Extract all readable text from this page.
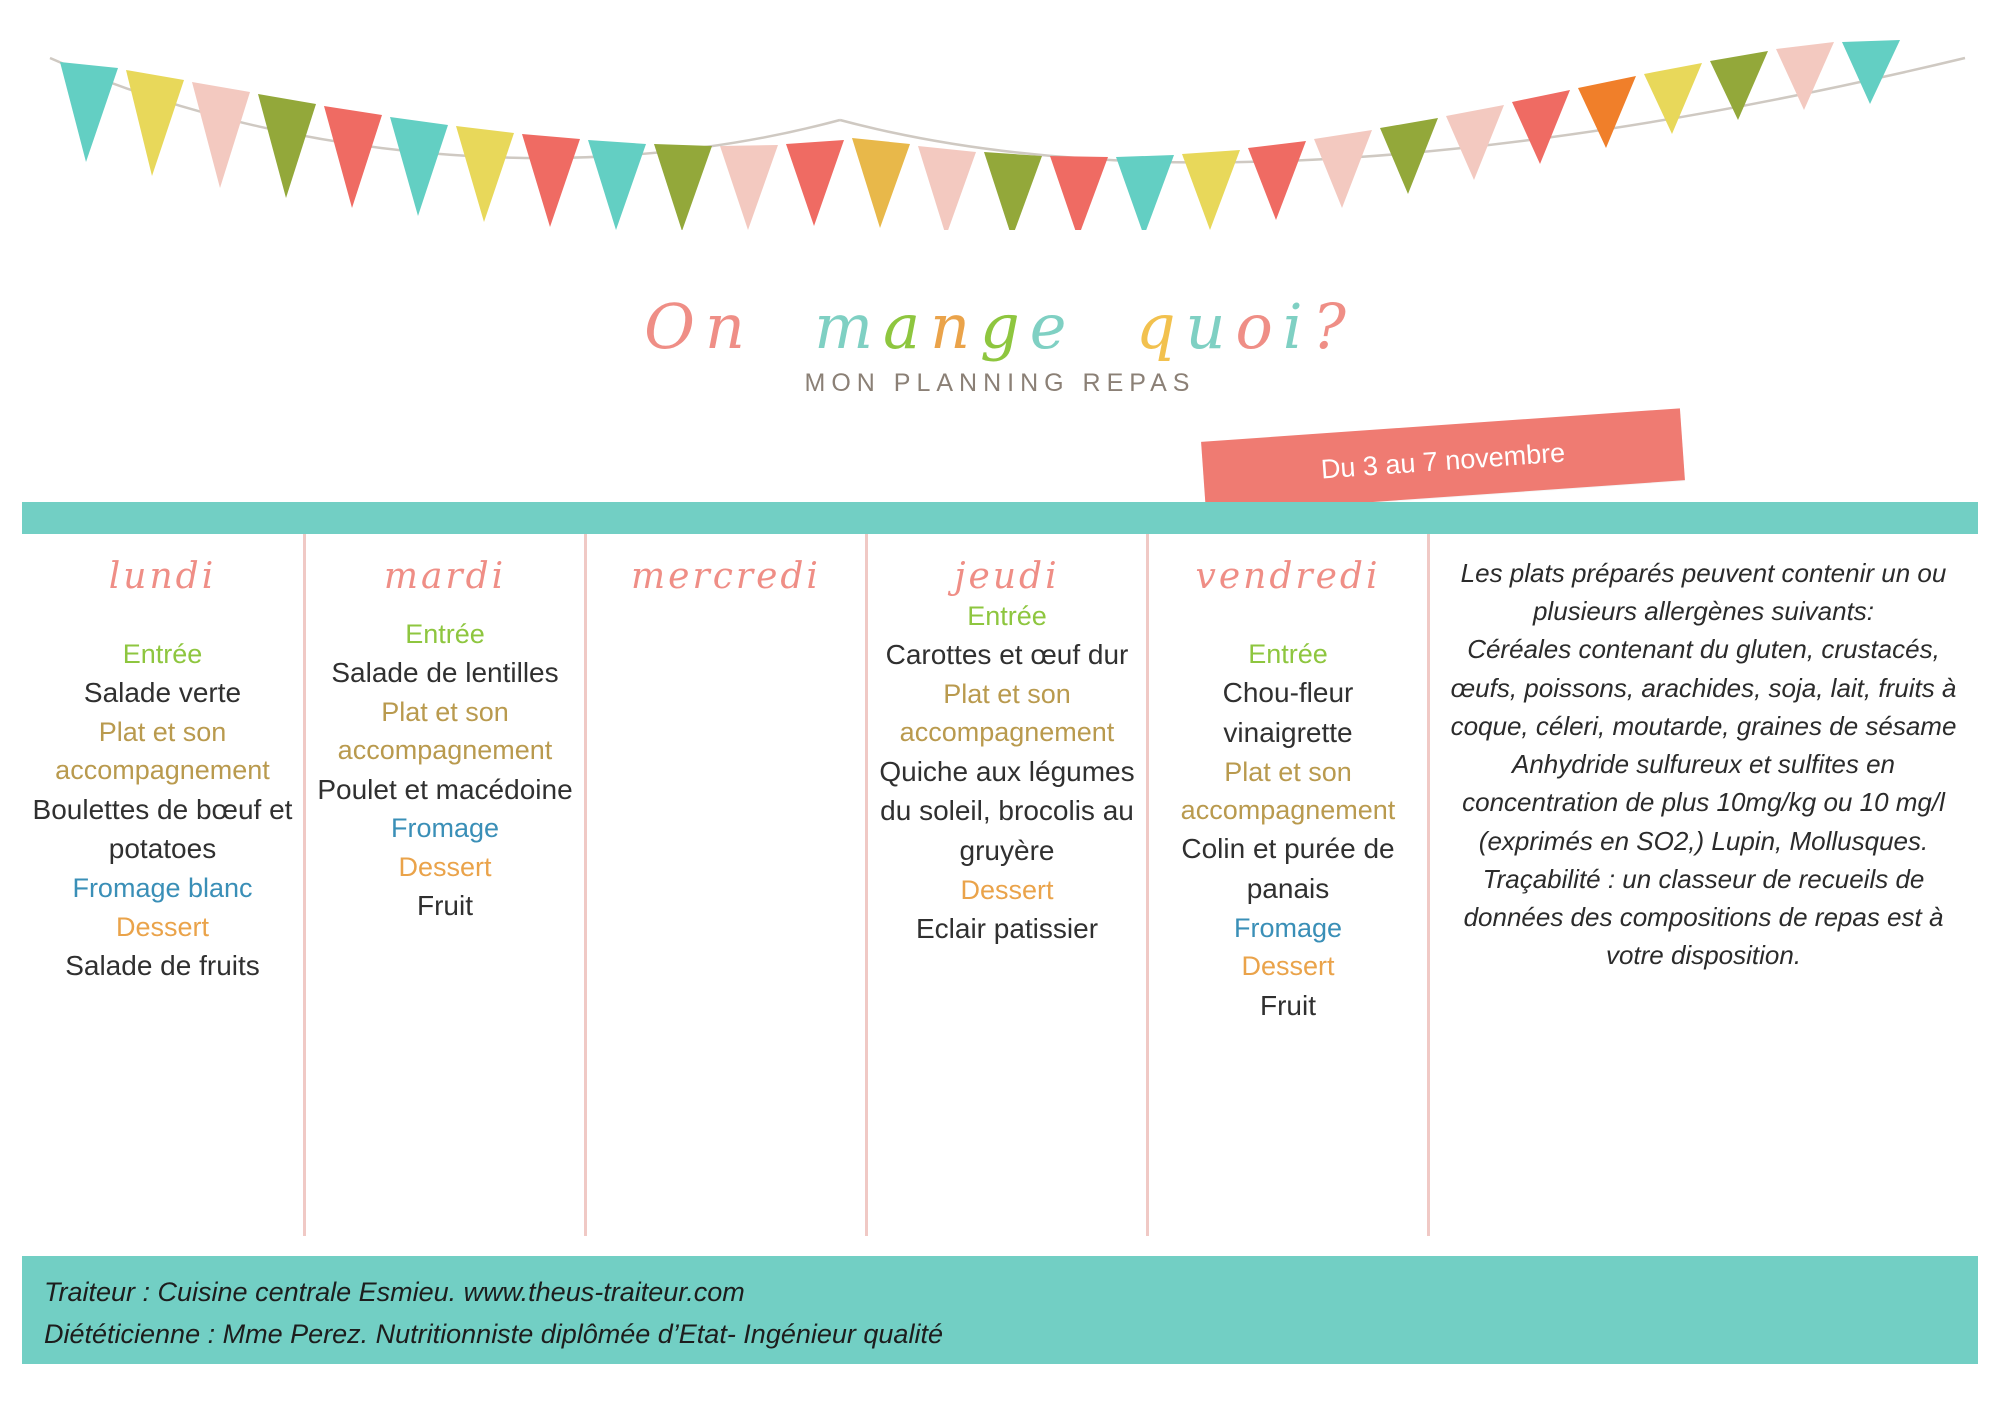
On mange quoi?
MON PLANNING REPAS
Du 3 au 7 novembre
lundi
Entrée
Salade verte
Plat et son accompagnement
Boulettes de bœuf et potatoes
Fromage blanc
Dessert
Salade de fruits
mardi
Entrée
Salade de lentilles
Plat et son accompagnement
Poulet et macédoine
Fromage
Dessert
Fruit
mercredi	jeudi
Entrée
Carottes et œuf dur
Plat et son accompagnement
Quiche aux légumes du soleil, brocolis au gruyère
Dessert
Eclair patissier
vendredi
Entrée
Chou-fleur vinaigrette
Plat et son accompagnement
Colin et purée de panais
Fromage
Dessert
Fruit

Les plats préparés peuvent contenir un ou plusieurs allergènes suivants:

Céréales contenant du gluten, crustacés, œufs, poissons, arachides, soja, lait, fruits à coque, céleri, moutarde, graines de sésame

Anhydride sulfureux et sulfites en concentration de plus 10mg/kg ou 10 mg/l (exprimés en SO2,) Lupin, Mollusques.

Traçabilité : un classeur de recueils de données des compositions de repas est à votre disposition.

Traiteur : Cuisine centrale Esmieu. www.theus-traiteur.com
Diététicienne : Mme Perez. Nutritionniste diplômée d’Etat- Ingénieur qualité
